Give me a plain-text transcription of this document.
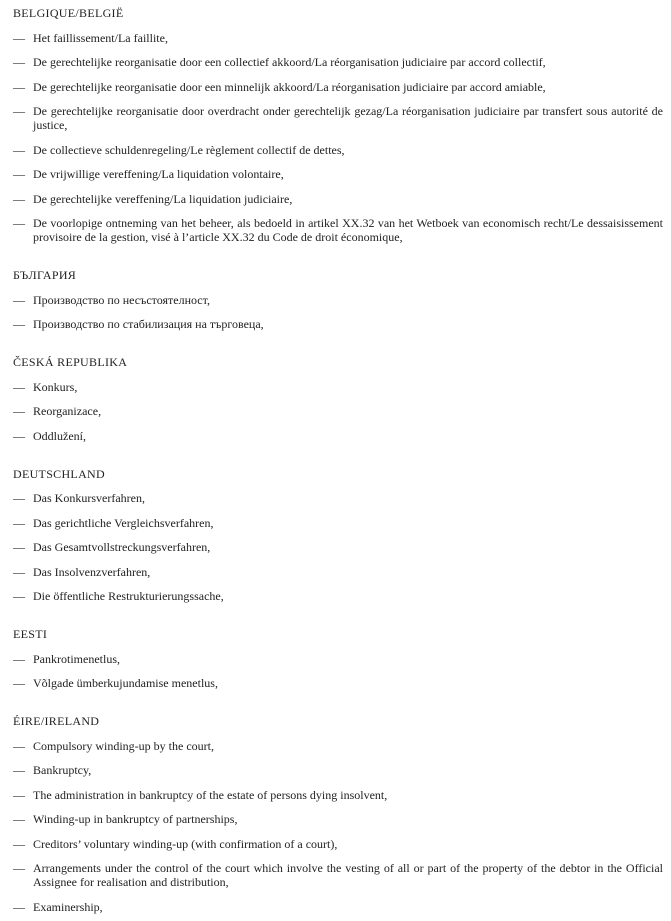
BELGIQUE/BELGIË

— Het faillissement/La faillite,

— De gerechtelijke reorganisatie door een collectief akkoord/La réorganisation judiciaire par accord collectif,

— De gerechtelijke reorganisatie door een minnelijk akkoord/La réorganisation judiciaire par accord amiable,

— De gerechtelijke reorganisatie door overdracht onder gerechtelijk gezag/La réorganisation judiciaire par transfert sous autorité de justice,

— De collectieve schuldenregeling/Le règlement collectif de dettes,

— De vrijwillige vereffening/La liquidation volontaire,

— De gerechtelijke vereffening/La liquidation judiciaire,

— De voorlopige ontneming van het beheer, als bedoeld in artikel XX.32 van het Wetboek van economisch recht/Le dessaisissement provisoire de la gestion, visé à l’article XX.32 du Code de droit économique,

БЪЛГАРИЯ

— Производство по несъстоятелност,

— Производство по стабилизация на търговеца,

ČESKÁ REPUBLIKA

— Konkurs,

— Reorganizace,

— Oddlužení,

DEUTSCHLAND

— Das Konkursverfahren,

— Das gerichtliche Vergleichsverfahren,

— Das Gesamtvollstreckungsverfahren,

— Das Insolvenzverfahren,

— Die öffentliche Restrukturierungssache,

EESTI

— Pankrotimenetlus,

— Võlgade ümberkujundamise menetlus,

ÉIRE/IRELAND

— Compulsory winding-up by the court,

— Bankruptcy,

— The administration in bankruptcy of the estate of persons dying insolvent,

— Winding-up in bankruptcy of partnerships,

— Creditors’ voluntary winding-up (with confirmation of a court),

— Arrangements under the control of the court which involve the vesting of all or part of the property of the debtor in the Official Assignee for realisation and distribution,

— Examinership,
